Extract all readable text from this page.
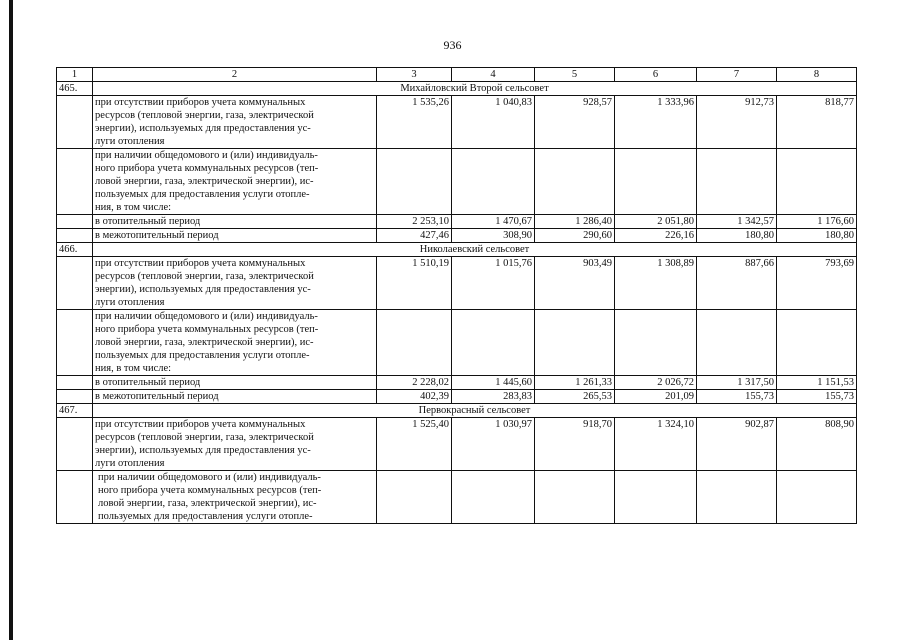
936
1	2	3	4	5	6	7	8
465.	Михайловский Второй сельсовет						
	при отсутствии приборов учета коммунальных
ресурсов (тепловой энергии, газа, электрической
энергии), используемых для предоставления ус-
луги отопления	1 535,26	1 040,83	928,57	1 333,96	912,73	818,77
	при наличии общедомового и (или) индивидуаль-
ного прибора учета коммунальных ресурсов (теп-
ловой энергии, газа, электрической энергии), ис-
пользуемых для предоставления услуги отопле-
ния, в том числе:						
	в отопительный период	2 253,10	1 470,67	1 286,40	2 051,80	1 342,57	1 176,60
	в межотопительный период	427,46	308,90	290,60	226,16	180,80	180,80
466.	Николаевский сельсовет						
	при отсутствии приборов учета коммунальных
ресурсов (тепловой энергии, газа, электрической
энергии), используемых для предоставления ус-
луги отопления	1 510,19	1 015,76	903,49	1 308,89	887,66	793,69
	при наличии общедомового и (или) индивидуаль-
ного прибора учета коммунальных ресурсов (теп-
ловой энергии, газа, электрической энергии), ис-
пользуемых для предоставления услуги отопле-
ния, в том числе:						
	в отопительный период	2 228,02	1 445,60	1 261,33	2 026,72	1 317,50	1 151,53
	в межотопительный период	402,39	283,83	265,53	201,09	155,73	155,73
467.	Первокрасный сельсовет						
	при отсутствии приборов учета коммунальных
ресурсов (тепловой энергии, газа, электрической
энергии), используемых для предоставления ус-
луги отопления	1 525,40	1 030,97	918,70	1 324,10	902,87	808,90

	при наличии общедомового и (или) индивидуаль-
ного прибора учета коммунальных ресурсов (теп-
ловой энергии, газа, электрической энергии), ис-
пользуемых для предоставления услуги отопле-						
